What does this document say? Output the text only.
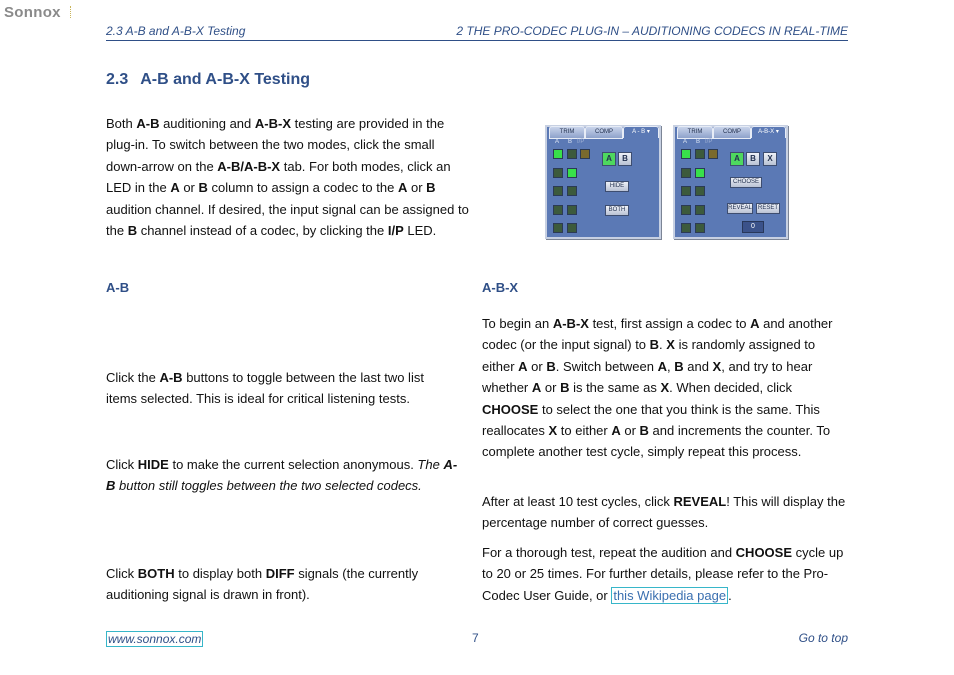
Sonnox
2.3 A-B and A-B-X Testing	2 THE PRO-CODEC PLUG-IN – AUDITIONING CODECS IN REAL-TIME
2.3 A-B and A-B-X Testing
Both A-B auditioning and A-B-X testing are provided in the plug-in. To switch between the two modes, click the small down-arrow on the A-B/A-B-X tab. For both modes, click an LED in the A or B column to assign a codec to the A or B audition channel. If desired, the input signal can be assigned to the B channel instead of a codec, by clicking the I/P LED.
TRIM	COMP	A - B ▾
A B I/P
A	B
HIDE
BOTH
TRIM	COMP	A-B-X ▾
A B I/P
A	B	X
CHOOSE
REVEAL	RESET
0
A-B
Click the A-B buttons to toggle between the last two list items selected. This is ideal for critical listening tests.
Click HIDE to make the current selection anonymous. The A-B button still toggles between the two selected codecs.
Click BOTH to display both DIFF signals (the currently auditioning signal is drawn in front).
A-B-X
To begin an A-B-X test, first assign a codec to A and another codec (or the input signal) to B. X is randomly assigned to either A or B. Switch between A, B and X, and try to hear whether A or B is the same as X. When decided, click CHOOSE to select the one that you think is the same. This reallocates X to either A or B and increments the counter. To complete another test cycle, simply repeat this process.
After at least 10 test cycles, click REVEAL! This will display the percentage number of correct guesses.
For a thorough test, repeat the audition and CHOOSE cycle up to 20 or 25 times. For further details, please refer to the Pro-Codec User Guide, or this Wikipedia page .
www.sonnox.com	7	Go to top
